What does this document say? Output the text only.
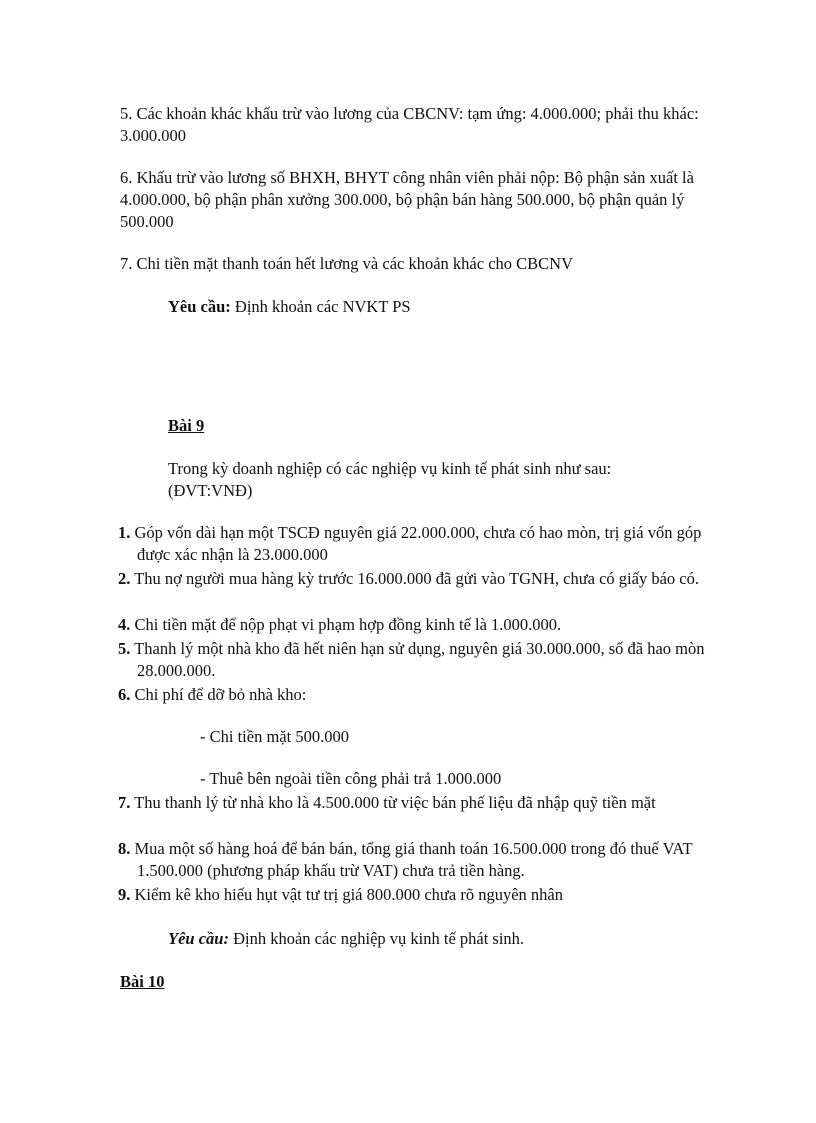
5. Các khoản khác khấu trừ vào lương của CBCNV: tạm ứng: 4.000.000; phải thu khác: 3.000.000

6. Khấu trừ vào lương số BHXH, BHYT công nhân viên phải nộp: Bộ phận sản xuất là 4.000.000, bộ phận phân xưởng 300.000, bộ phận bán hàng 500.000, bộ phận quản lý 500.000

7. Chi tiền mặt thanh toán hết lương và các khoản khác cho CBCNV

Yêu cầu: Định khoản các NVKT PS

Bài 9

Trong kỳ doanh nghiệp có các nghiệp vụ kinh tế phát sinh như sau: (ĐVT:VNĐ)

1. Góp vốn dài hạn một TSCĐ nguyên giá 22.000.000, chưa có hao mòn, trị giá vốn góp được xác nhận là 23.000.000

2. Thu nợ người mua hàng kỳ trước 16.000.000 đã gửi vào TGNH, chưa có giấy báo có.

4. Chi tiền mặt để nộp phạt vi phạm hợp đồng kinh tế là 1.000.000.

5. Thanh lý một nhà kho đã hết niên hạn sử dụng, nguyên giá 30.000.000, số đã hao mòn 28.000.000.

6. Chi phí để dỡ bỏ nhà kho:

- Chi tiền mặt 500.000

- Thuê bên ngoài tiền công phải trả 1.000.000

7. Thu thanh lý từ nhà kho là 4.500.000 từ việc bán phế liệu đã nhập quỹ tiền mặt

8. Mua một số hàng hoá để bán bán, tổng giá thanh toán 16.500.000 trong đó thuế VAT 1.500.000 (phương pháp khấu trừ VAT) chưa trả tiền hàng.

9. Kiểm kê kho hiếu hụt vật tư trị giá 800.000 chưa rõ nguyên nhân

Yêu cầu: Định khoản các nghiệp vụ kinh tế phát sinh.

Bài 10
